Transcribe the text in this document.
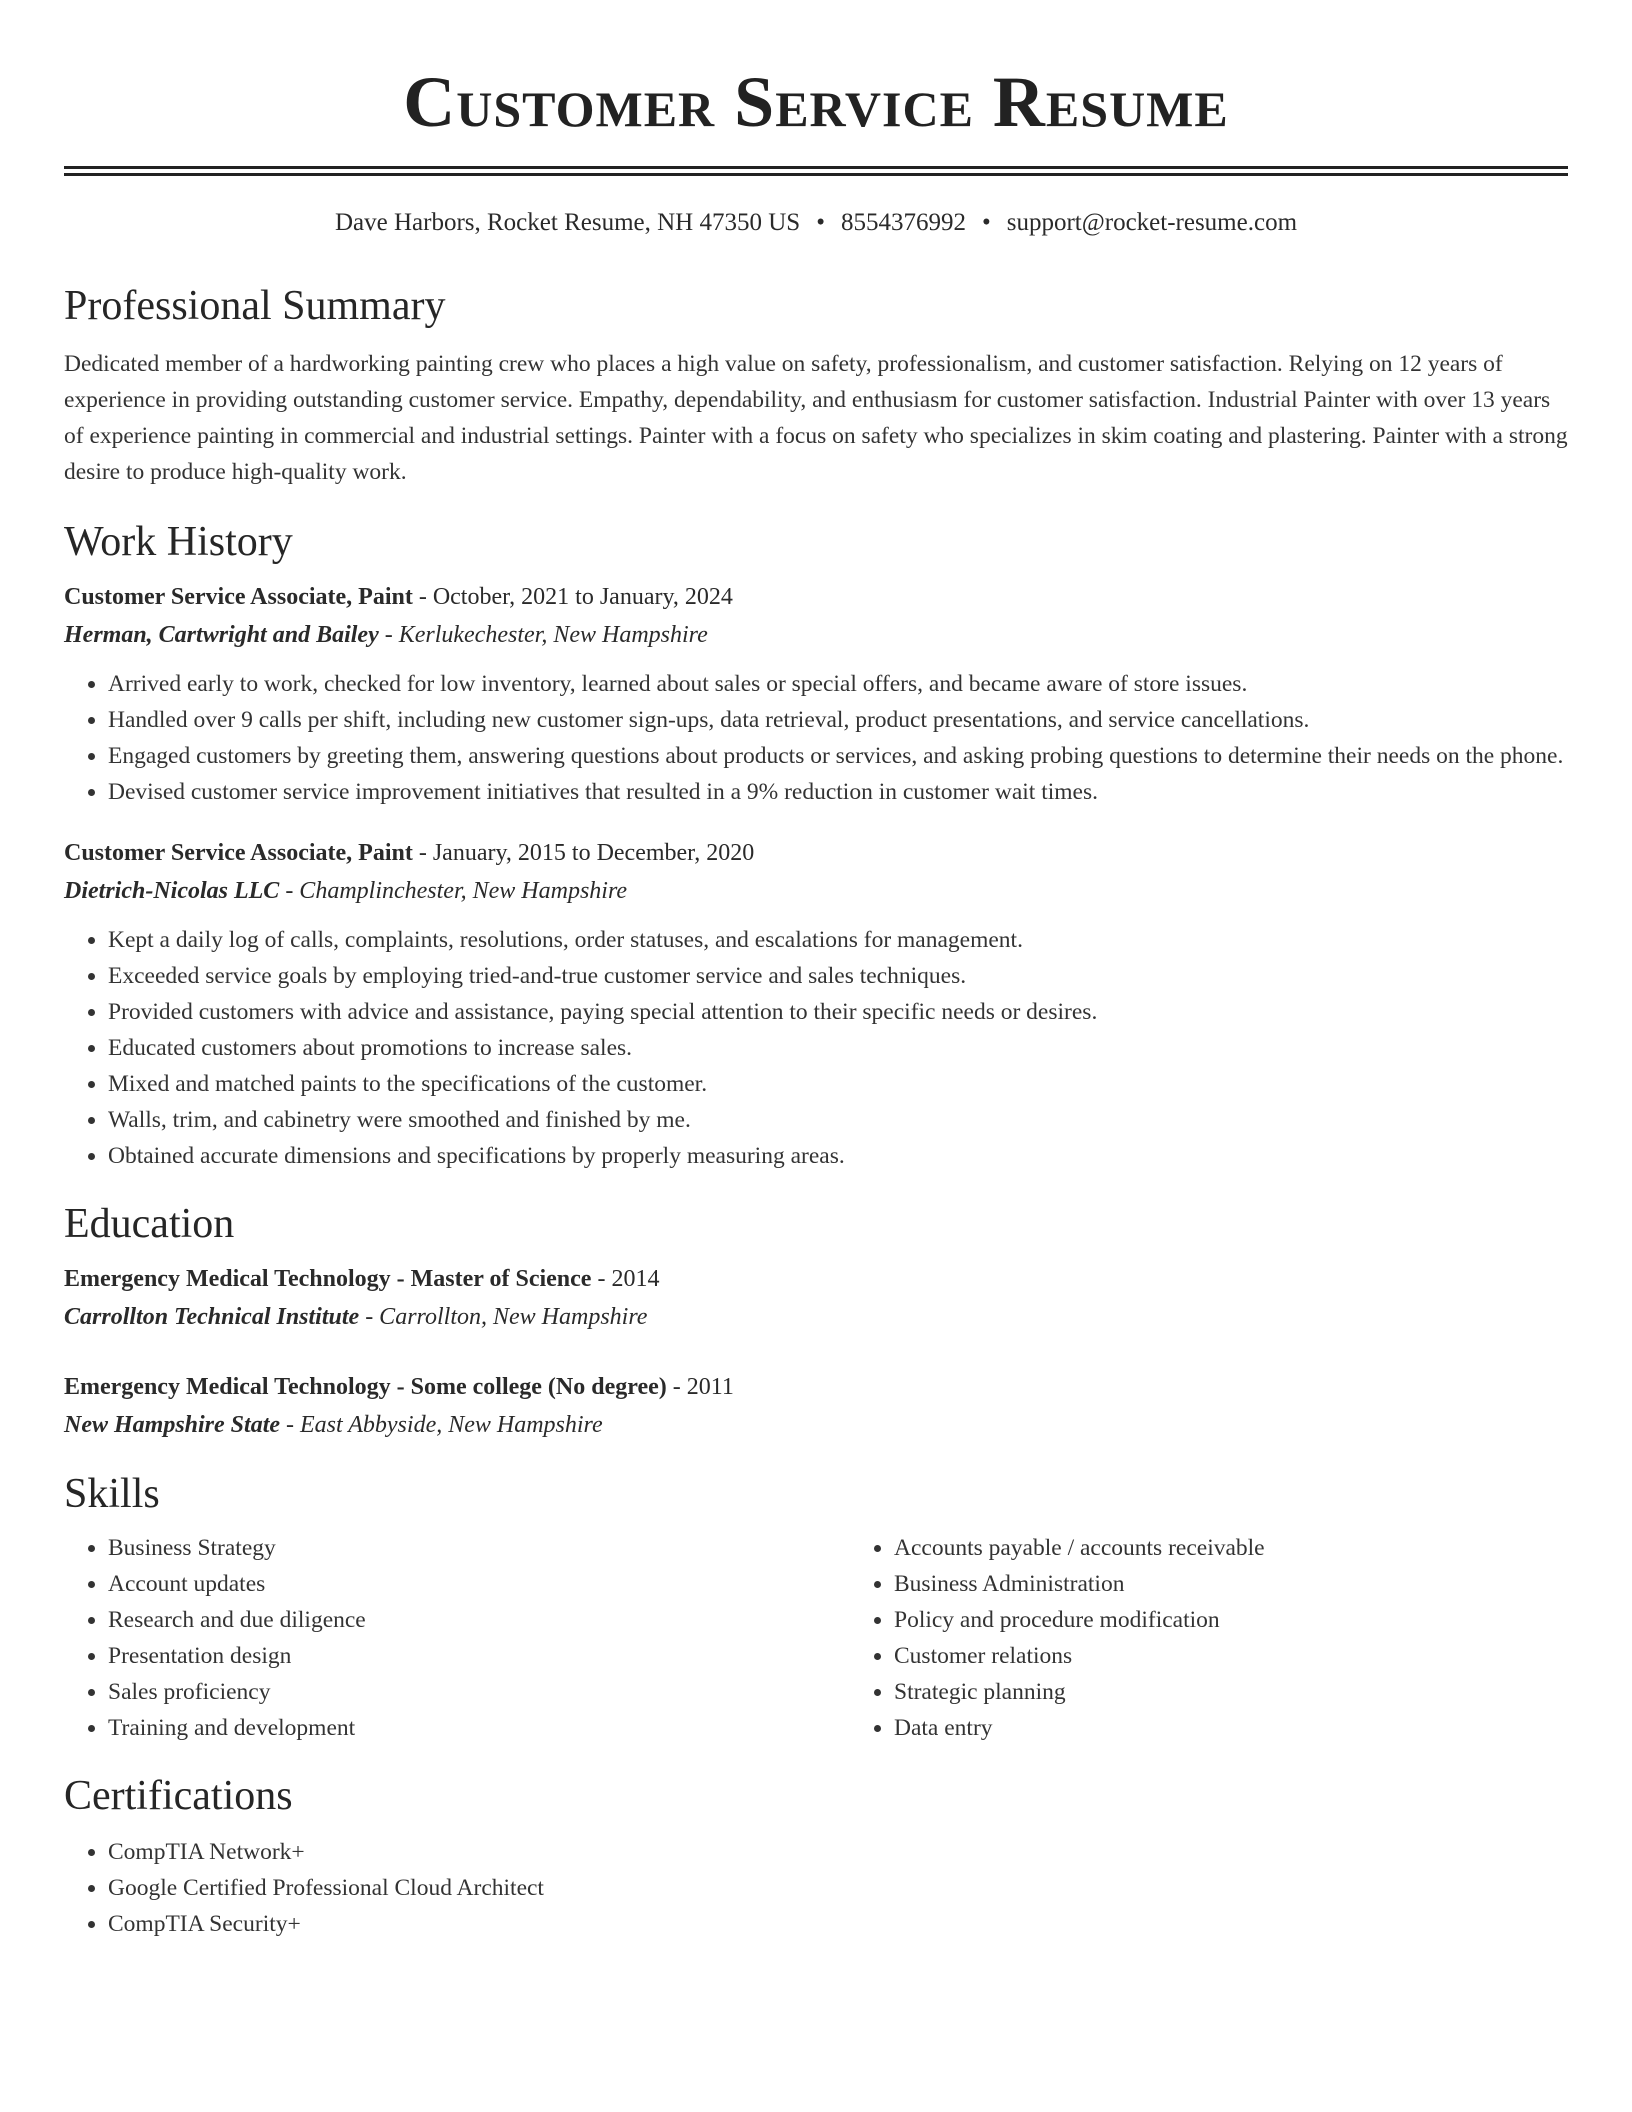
Customer Service Resume
Dave Harbors, Rocket Resume, NH 47350 US • 8554376992 • support@rocket-resume.com
Professional Summary

Dedicated member of a hardworking painting crew who places a high value on safety, professionalism, and customer satisfaction. Relying on 12 years of experience in providing outstanding customer service. Empathy, dependability, and enthusiasm for customer satisfaction. Industrial Painter with over 13 years of experience painting in commercial and industrial settings. Painter with a focus on safety who specializes in skim coating and plastering. Painter with a strong desire to produce high-quality work.

Work History
Customer Service Associate, Paint - October, 2021 to January, 2024
Herman, Cartwright and Bailey - Kerlukechester, New Hampshire
• Arrived early to work, checked for low inventory, learned about sales or special offers, and became aware of store issues.
• Handled over 9 calls per shift, including new customer sign-ups, data retrieval, product presentations, and service cancellations.
• Engaged customers by greeting them, answering questions about products or services, and asking probing questions to determine their needs on the phone.
• Devised customer service improvement initiatives that resulted in a 9% reduction in customer wait times.
Customer Service Associate, Paint - January, 2015 to December, 2020
Dietrich-Nicolas LLC - Champlinchester, New Hampshire
• Kept a daily log of calls, complaints, resolutions, order statuses, and escalations for management.
• Exceeded service goals by employing tried-and-true customer service and sales techniques.
• Provided customers with advice and assistance, paying special attention to their specific needs or desires.
• Educated customers about promotions to increase sales.
• Mixed and matched paints to the specifications of the customer.
• Walls, trim, and cabinetry were smoothed and finished by me.
• Obtained accurate dimensions and specifications by properly measuring areas.
Education
Emergency Medical Technology - Master of Science - 2014
Carrollton Technical Institute - Carrollton, New Hampshire
Emergency Medical Technology - Some college (No degree) - 2011
New Hampshire State - East Abbyside, New Hampshire
Skills
• Business Strategy
• Account updates
• Research and due diligence
• Presentation design
• Sales proficiency
• Training and development
• Accounts payable / accounts receivable
• Business Administration
• Policy and procedure modification
• Customer relations
• Strategic planning
• Data entry
Certifications
• CompTIA Network+
• Google Certified Professional Cloud Architect
• CompTIA Security+
